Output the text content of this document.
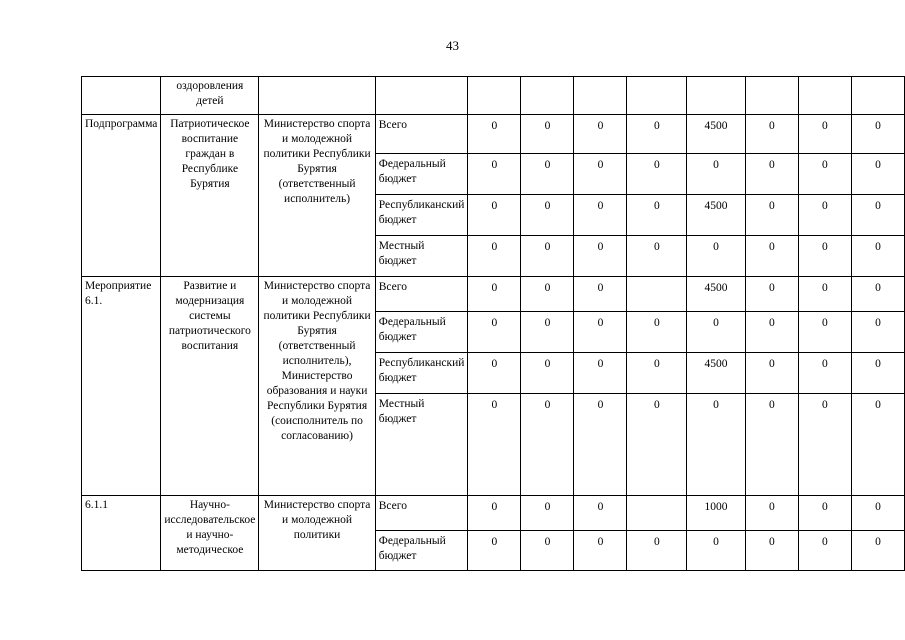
43
	оздоровления детей										
Подпрограмма	Патриотическое воспитание граждан в Республике Бурятия	Министерство спорта и молодежной политики Республики Бурятия (ответственный исполнитель)	Всего	0	0	0	0	4500	0	0	0
			Федеральный бюджет	0	0	0	0	0	0	0	0
			Республиканский бюджет	0	0	0	0	4500	0	0	0
			Местный бюджет	0	0	0	0	0	0	0	0
Мероприятие 6.1.	Развитие и модернизация системы патриотического воспитания	Министерство спорта и молодежной политики Республики Бурятия (ответственный исполнитель), Министерство образования и науки Республики Бурятия (соисполнитель по согласованию)	Всего	0	0	0		4500	0	0	0
			Федеральный бюджет	0	0	0	0	0	0	0	0
			Республиканский бюджет	0	0	0	0	4500	0	0	0
			Местный бюджет	0	0	0	0	0	0	0	0
6.1.1	Научно-исследовательское и научно-методическое	Министерство спорта и молодежной политики	Всего	0	0	0		1000	0	0	0
			Федеральный бюджет	0	0	0	0	0	0	0	0
